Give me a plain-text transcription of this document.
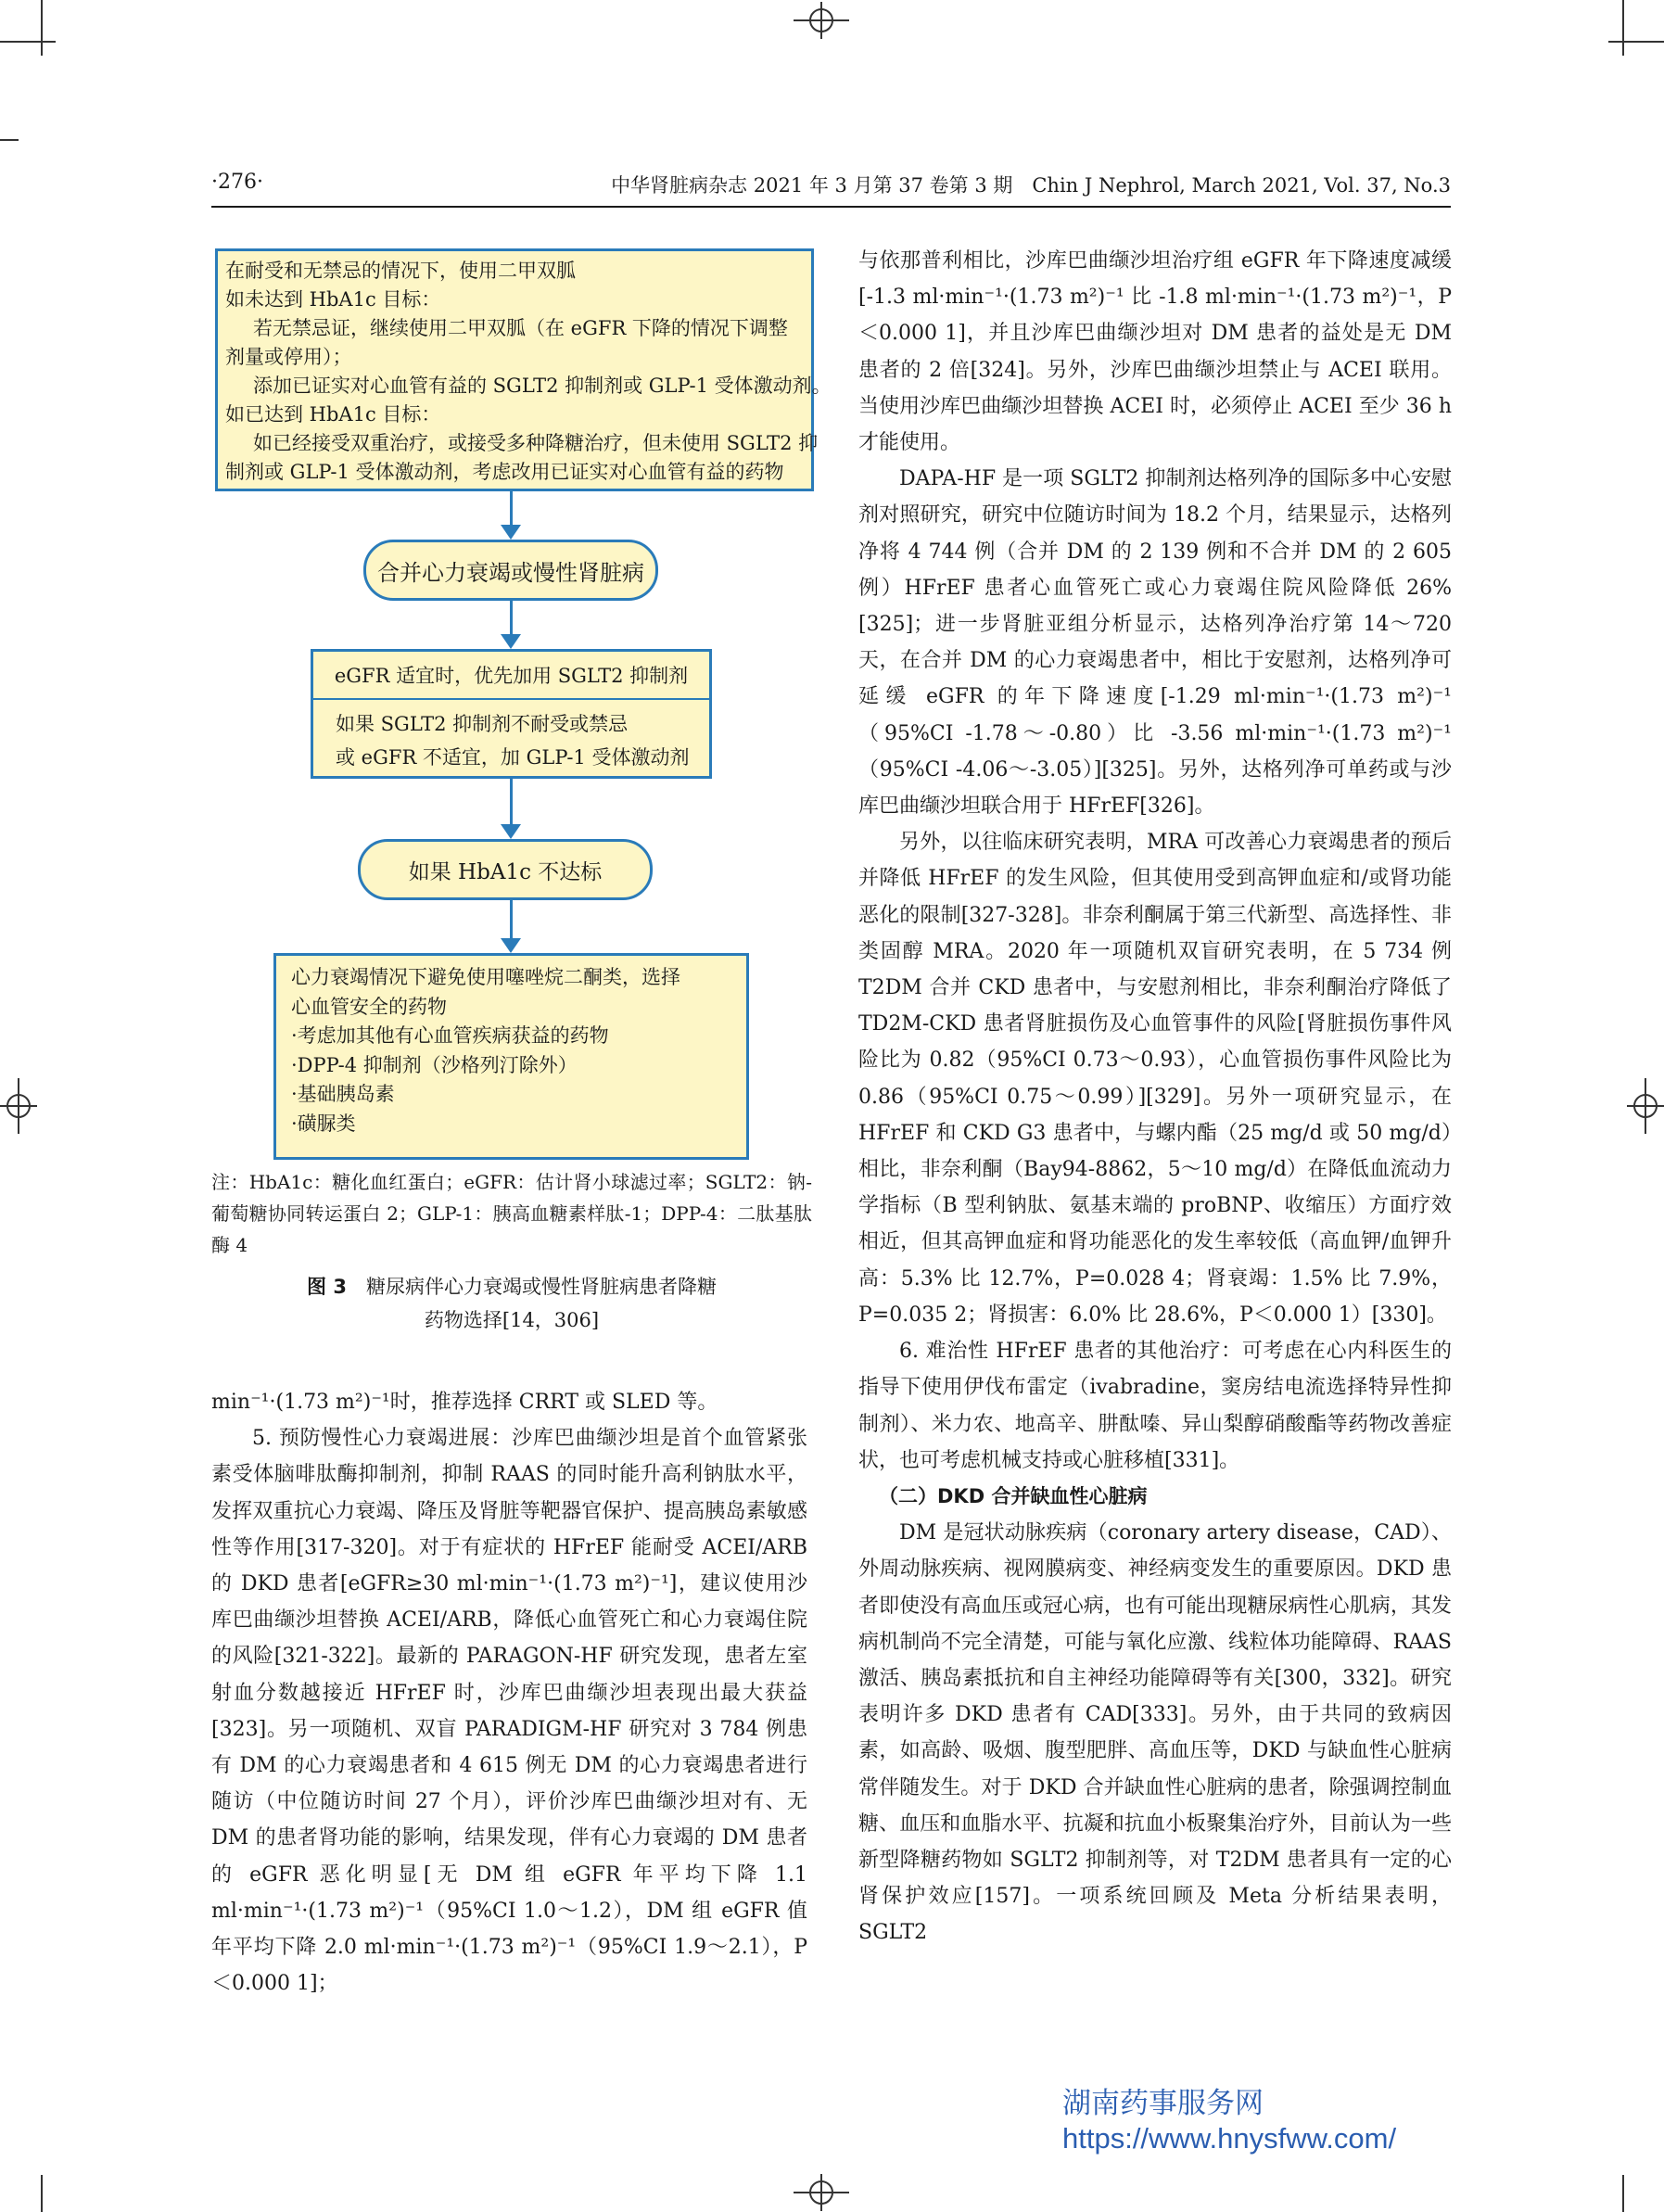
·276·	中华肾脏病杂志 2021 年 3 月第 37 卷第 3 期　Chin J Nephrol, March 2021, Vol. 37, No.3

在耐受和无禁忌的情况下，使用二甲双胍

如未达到 HbA1c 目标：

若无禁忌证，继续使用二甲双胍（在 eGFR 下降的情况下调整

剂量或停用）；

添加已证实对心血管有益的 SGLT2 抑制剂或 GLP-1 受体激动剂。

如已达到 HbA1c 目标：

如已经接受双重治疗，或接受多种降糖治疗，但未使用 SGLT2 抑

制剂或 GLP-1 受体激动剂，考虑改用已证实对心血管有益的药物

合并心力衰竭或慢性肾脏病
eGFR 适宜时，优先加用 SGLT2 抑制剂

如果 SGLT2 抑制剂不耐受或禁忌

或 eGFR 不适宜，加 GLP-1 受体激动剂

如果 HbA1c 不达标

心力衰竭情况下避免使用噻唑烷二酮类，选择

心血管安全的药物

·考虑加其他有心血管疾病获益的药物

·DPP-4 抑制剂（沙格列汀除外）

·基础胰岛素

·磺脲类

注：HbA1c：糖化血红蛋白；eGFR：估计肾小球滤过率；SGLT2：钠-葡萄糖协同转运蛋白 2；GLP-1：胰高血糖素样肽-1；DPP-4：二肽基肽酶 4
图 3　 糖尿病伴心力衰竭或慢性肾脏病患者降糖
药物选择[14，306]

min⁻¹·(1.73 m²)⁻¹时，推荐选择 CRRT 或 SLED 等。

5. 预防慢性心力衰竭进展：沙库巴曲缬沙坦是首个血管紧张素受体脑啡肽酶抑制剂，抑制 RAAS 的同时能升高利钠肽水平，发挥双重抗心力衰竭、降压及肾脏等靶器官保护、提高胰岛素敏感性等作用[317-320]。对于有症状的 HFrEF 能耐受 ACEI/ARB 的 DKD 患者[eGFR≥30 ml·min⁻¹·(1.73 m²)⁻¹]，建议使用沙库巴曲缬沙坦替换 ACEI/ARB，降低心血管死亡和心力衰竭住院的风险[321-322]。最新的 PARAGON-HF 研究发现，患者左室射血分数越接近 HFrEF 时，沙库巴曲缬沙坦表现出最大获益[323]。另一项随机、双盲 PARADIGM-HF 研究对 3 784 例患有 DM 的心力衰竭患者和 4 615 例无 DM 的心力衰竭患者进行随访（中位随访时间 27 个月），评价沙库巴曲缬沙坦对有、无 DM 的患者肾功能的影响，结果发现，伴有心力衰竭的 DM 患者的 eGFR 恶化明显[无 DM 组 eGFR 年平均下降 1.1 ml·min⁻¹·(1.73 m²)⁻¹（95%CI 1.0～1.2），DM 组 eGFR 值年平均下降 2.0 ml·min⁻¹·(1.73 m²)⁻¹（95%CI 1.9～2.1），P＜0.000 1]；

与依那普利相比，沙库巴曲缬沙坦治疗组 eGFR 年下降速度减缓[-1.3 ml·min⁻¹·(1.73 m²)⁻¹ 比 -1.8 ml·min⁻¹·(1.73 m²)⁻¹，P＜0.000 1]，并且沙库巴曲缬沙坦对 DM 患者的益处是无 DM 患者的 2 倍[324]。另外，沙库巴曲缬沙坦禁止与 ACEI 联用。当使用沙库巴曲缬沙坦替换 ACEI 时，必须停止 ACEI 至少 36 h 才能使用。

DAPA-HF 是一项 SGLT2 抑制剂达格列净的国际多中心安慰剂对照研究，研究中位随访时间为 18.2 个月，结果显示，达格列净将 4 744 例（合并 DM 的 2 139 例和不合并 DM 的 2 605 例）HFrEF 患者心血管死亡或心力衰竭住院风险降低 26%[325]；进一步肾脏亚组分析显示，达格列净治疗第 14～720 天，在合并 DM 的心力衰竭患者中，相比于安慰剂，达格列净可延缓 eGFR 的年下降速度[-1.29 ml·min⁻¹·(1.73 m²)⁻¹（95%CI -1.78～-0.80）比 -3.56 ml·min⁻¹·(1.73 m²)⁻¹（95%CI -4.06～-3.05）][325]。另外，达格列净可单药或与沙库巴曲缬沙坦联合用于 HFrEF[326]。

另外，以往临床研究表明，MRA 可改善心力衰竭患者的预后并降低 HFrEF 的发生风险，但其使用受到高钾血症和/或肾功能恶化的限制[327-328]。非奈利酮属于第三代新型、高选择性、非类固醇 MRA。2020 年一项随机双盲研究表明，在 5 734 例 T2DM 合并 CKD 患者中，与安慰剂相比，非奈利酮治疗降低了 TD2M-CKD 患者肾脏损伤及心血管事件的风险[肾脏损伤事件风险比为 0.82（95%CI 0.73～0.93），心血管损伤事件风险比为 0.86（95%CI 0.75～0.99）][329]。另外一项研究显示，在 HFrEF 和 CKD G3 患者中，与螺内酯（25 mg/d 或 50 mg/d）相比，非奈利酮（Bay94-8862，5～10 mg/d）在降低血流动力学指标（B 型利钠肽、氨基末端的 proBNP、收缩压）方面疗效相近，但其高钾血症和肾功能恶化的发生率较低（高血钾/血钾升高：5.3% 比 12.7%，P=0.028 4；肾衰竭：1.5% 比 7.9%，P=0.035 2；肾损害：6.0% 比 28.6%，P＜0.000 1）[330]。

6. 难治性 HFrEF 患者的其他治疗：可考虑在心内科医生的指导下使用伊伐布雷定（ivabradine，窦房结电流选择特异性抑制剂）、米力农、地高辛、肼酞嗪、异山梨醇硝酸酯等药物改善症状，也可考虑机械支持或心脏移植[331]。

（二）DKD 合并缺血性心脏病

DM 是冠状动脉疾病（coronary artery disease，CAD）、外周动脉疾病、视网膜病变、神经病变发生的重要原因。DKD 患者即使没有高血压或冠心病，也有可能出现糖尿病性心肌病，其发病机制尚不完全清楚，可能与氧化应激、线粒体功能障碍、RAAS 激活、胰岛素抵抗和自主神经功能障碍等有关[300，332]。研究表明许多 DKD 患者有 CAD[333]。另外，由于共同的致病因素，如高龄、吸烟、腹型肥胖、高血压等，DKD 与缺血性心脏病常伴随发生。对于 DKD 合并缺血性心脏病的患者，除强调控制血糖、血压和血脂水平、抗凝和抗血小板聚集治疗外，目前认为一些新型降糖药物如 SGLT2 抑制剂等，对 T2DM 患者具有一定的心肾保护效应[157]。一项系统回顾及 Meta 分析结果表明，SGLT2

湖南药事服务网
https://www.hnysfww.com/
